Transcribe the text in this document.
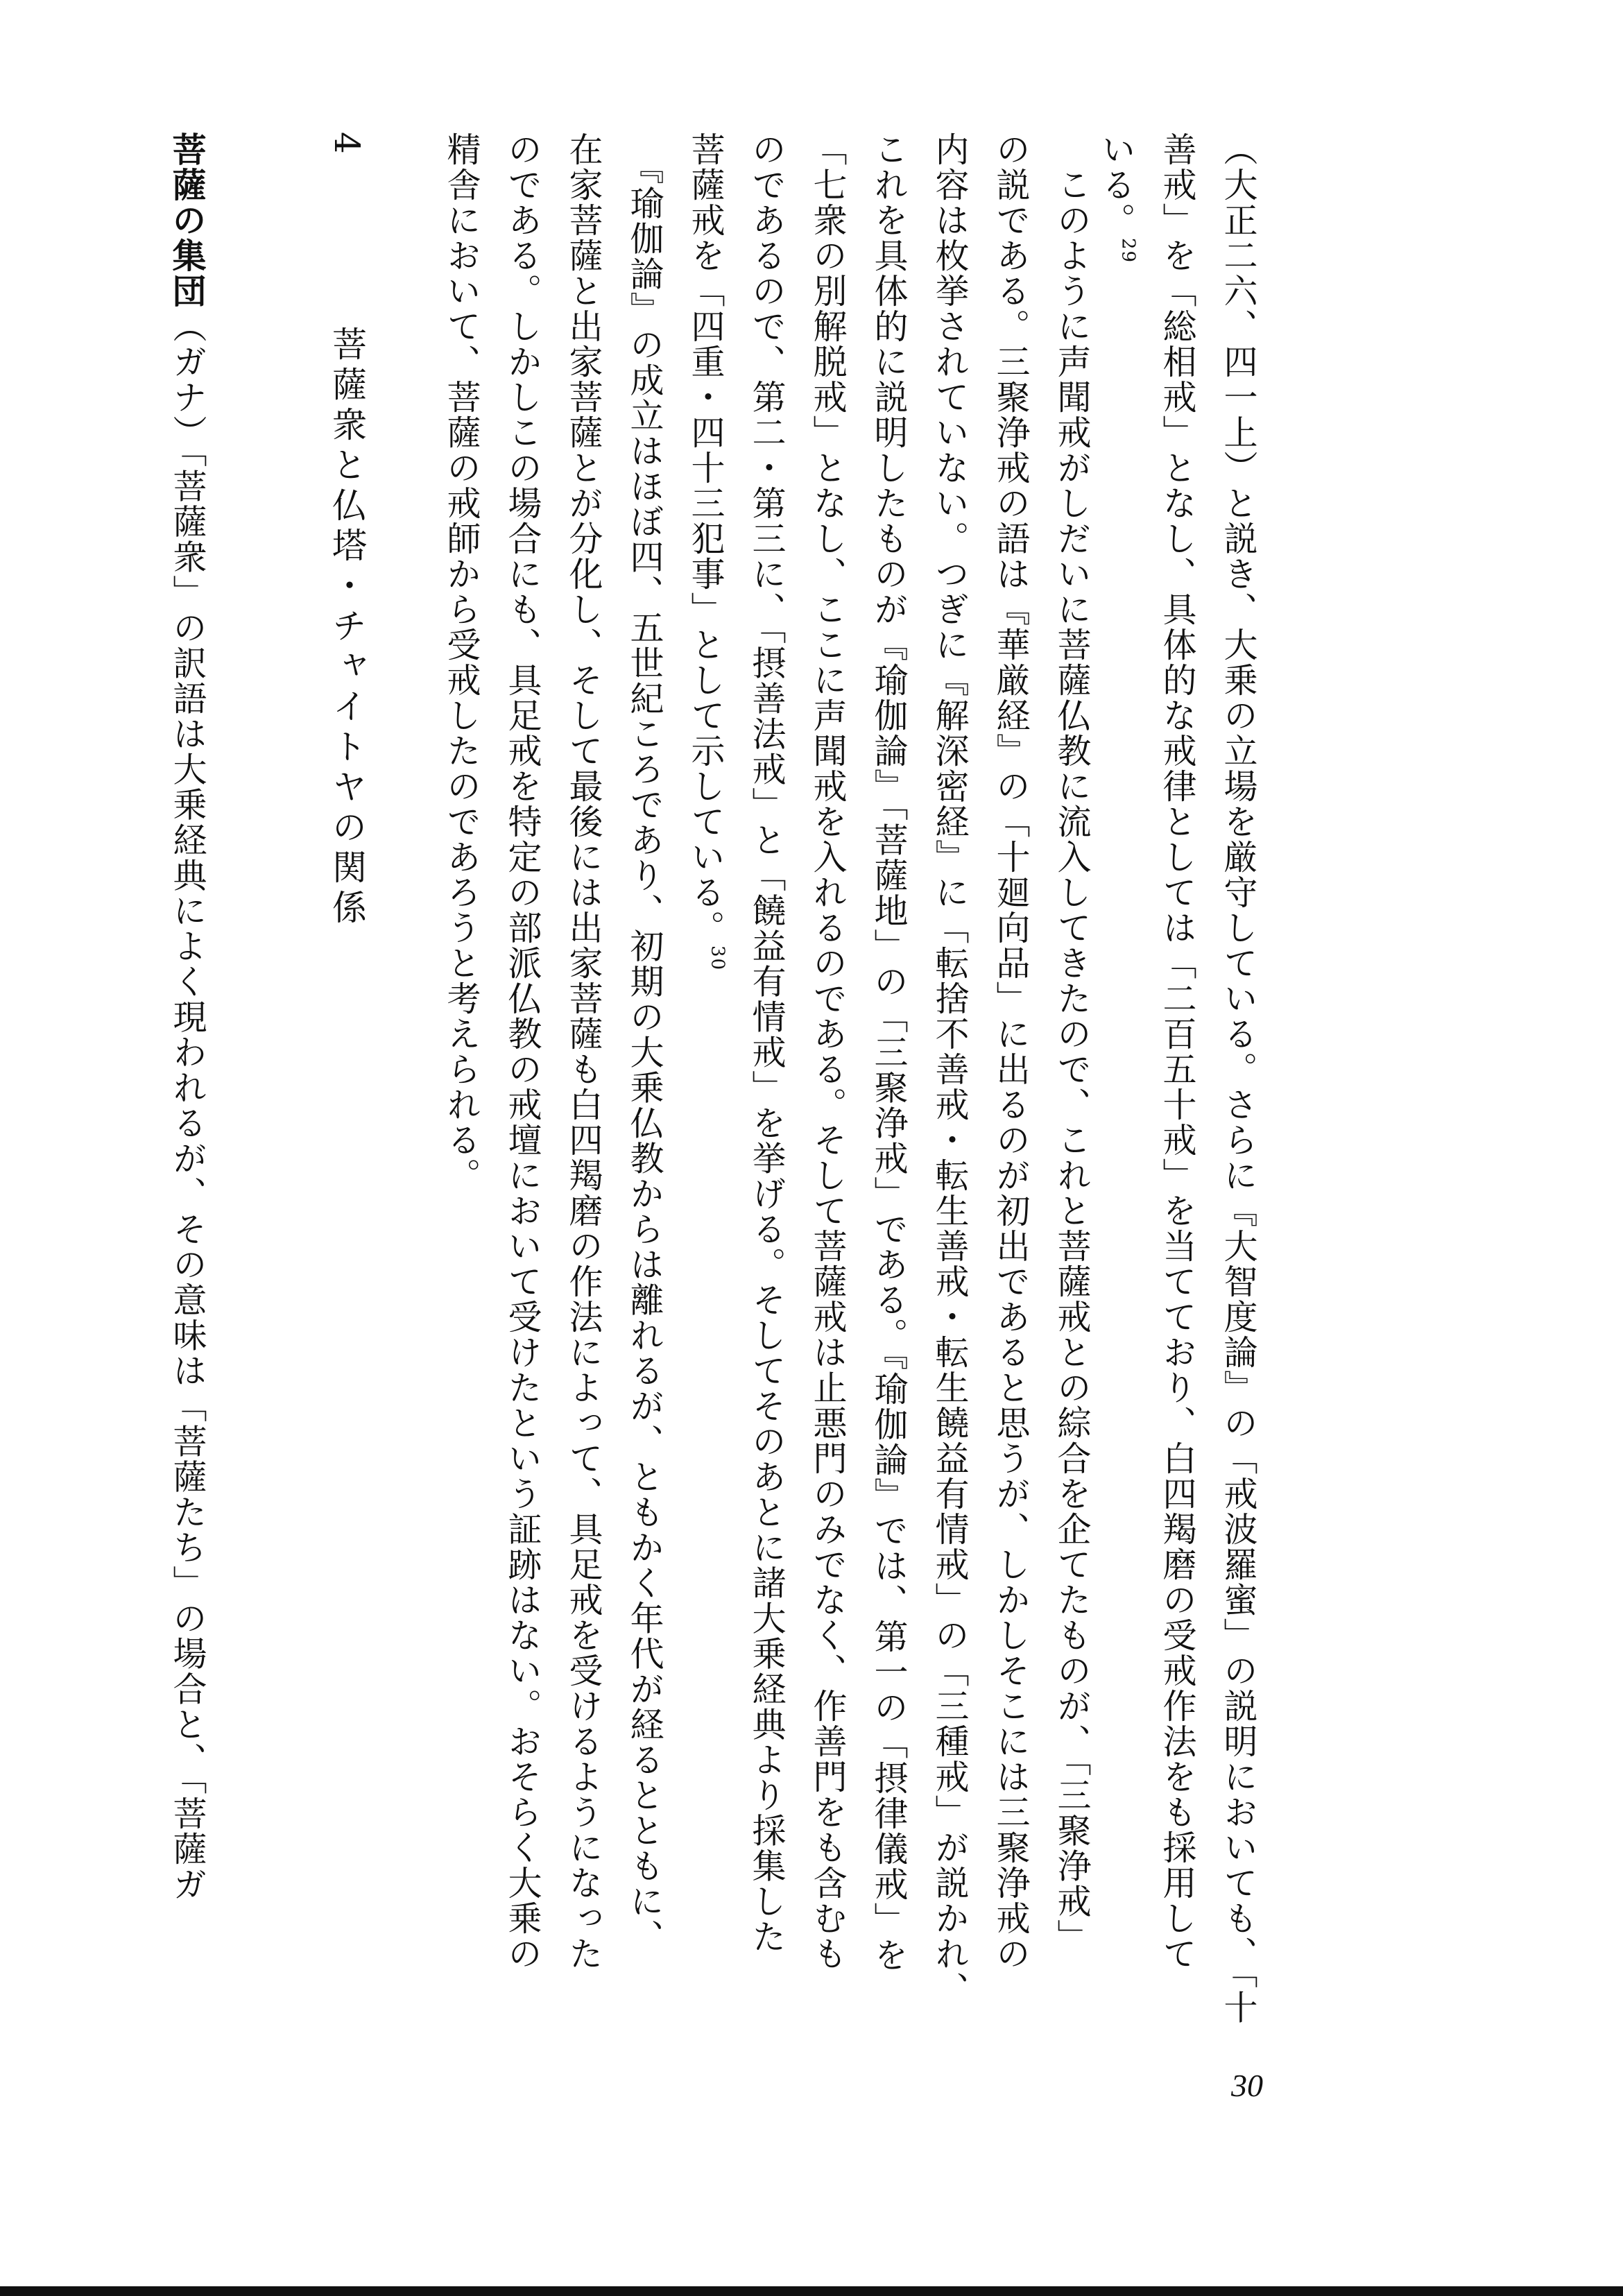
（大正二六、四一上）と説き、大乗の立場を厳守している。さらに『大智度論』の「戒波羅蜜」の説明においても、「十
善戒」を「総相戒」となし、具体的な戒律としては「二百五十戒」を当てており、白四羯磨の受戒作法をも採用して
いる。$^{29}$
　このように声聞戒がしだいに菩薩仏教に流入してきたので、これと菩薩戒との綜合を企てたものが、「三聚浄戒」
の説である。三聚浄戒の語は『華厳経』の「十廻向品」に出るのが初出であると思うが、しかしそこには三聚浄戒の
内容は枚挙されていない。つぎに『解深密経』に「転捨不善戒・転生善戒・転生饒益有情戒」の「三種戒」が説かれ、
これを具体的に説明したものが『瑜伽論』「菩薩地」の「三聚浄戒」である。『瑜伽論』では、第一の「摂律儀戒」を
「七衆の別解脱戒」となし、ここに声聞戒を入れるのである。そして菩薩戒は止悪門のみでなく、作善門をも含むも
のであるので、第二・第三に、「摂善法戒」と「饒益有情戒」を挙げる。そしてそのあとに諸大乗経典より採集した
菩薩戒を「四重・四十三犯事」として示している。$^{30}$
　『瑜伽論』の成立はほぼ四、五世紀ころであり、初期の大乗仏教からは離れるが、ともかく年代が経るとともに、
在家菩薩と出家菩薩とが分化し、そして最後には出家菩薩も白四羯磨の作法によって、具足戒を受けるようになった
のである。しかしこの場合にも、具足戒を特定の部派仏教の戒壇において受けたという証跡はない。おそらく大乗の
精舎において、菩薩の戒師から受戒したのであろうと考えられる。
4
菩薩衆と仏塔・チャイトヤの関係
菩薩の集団（ガナ）「菩薩衆」の訳語は大乗経典によく現われるが、その意味は「菩薩たち」の場合と、「菩薩ガ
30
